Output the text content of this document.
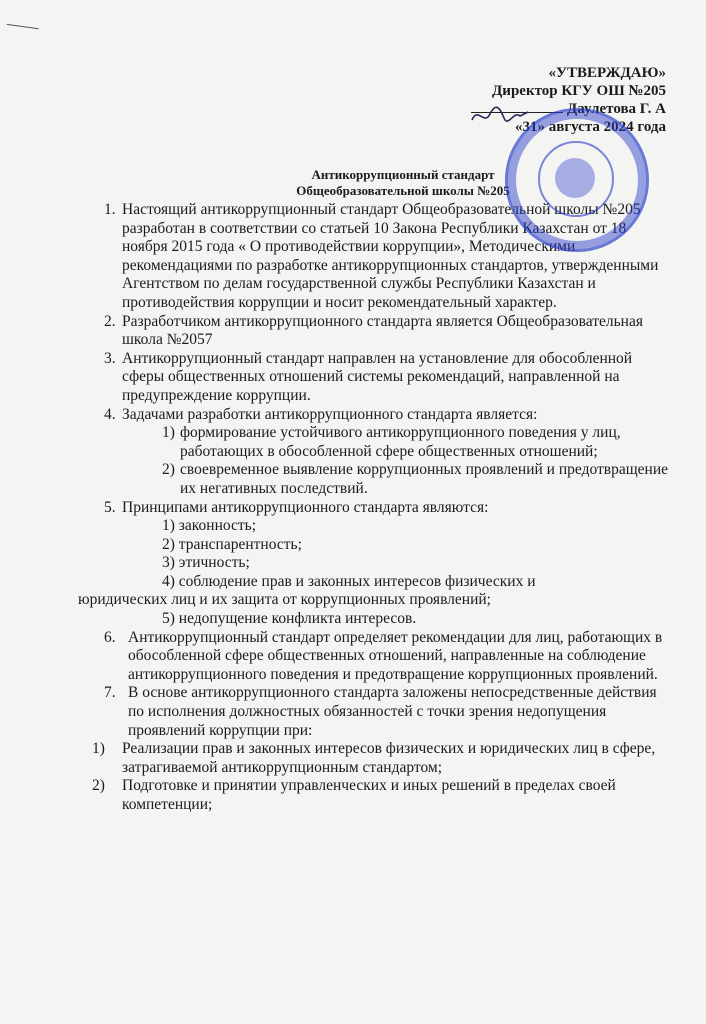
«УТВЕРЖДАЮ»
Директор КГУ ОШ №205
Даулетова Г. А
«31» августа 2024 года
Антикоррупционный стандарт
Общеобразовательной школы №205
1. Настоящий антикоррупционный стандарт Общеобразовательной школы №205 разработан в соответствии со статьей 10 Закона Республики Казахстан от 18 ноября 2015 года « О противодействии коррупции», Методическими рекомендациями по разработке антикоррупционных стандартов, утвержденными Агентством по делам государственной службы Республики Казахстан и противодействия коррупции и носит рекомендательный характер.
2. Разработчиком антикоррупционного стандарта является Общеобразовательная школа №2057
3. Антикоррупционный стандарт направлен на установление для обособленной сферы общественных отношений системы рекомендаций, направленной на предупреждение коррупции.
4. Задачами разработки антикоррупционного стандарта является:
1) формирование устойчивого антикоррупционного поведения у лиц, работающих в обособленной сфере общественных отношений;
2) своевременное выявление коррупционных проявлений и предотвращение их негативных последствий.
5. Принципами антикоррупционного стандарта являются:
1) законность;
2) транспарентность;
3) этичность;
4) соблюдение прав и законных интересов физических и
юридических лиц и их защита от коррупционных проявлений;
5) недопущение конфликта интересов.
6. Антикоррупционный стандарт определяет рекомендации для лиц, работающих в обособленной сфере общественных отношений, направленные на соблюдение антикоррупционного поведения и предотвращение коррупционных проявлений.
7. В основе антикоррупционного стандарта заложены непосредственные действия по исполнения должностных обязанностей с точки зрения недопущения проявлений коррупции при:
1) Реализации прав и законных интересов физических и юридических лиц в сфере, затрагиваемой антикоррупционным стандартом;
2) Подготовке и принятии управленческих и иных решений в пределах своей компетенции;
